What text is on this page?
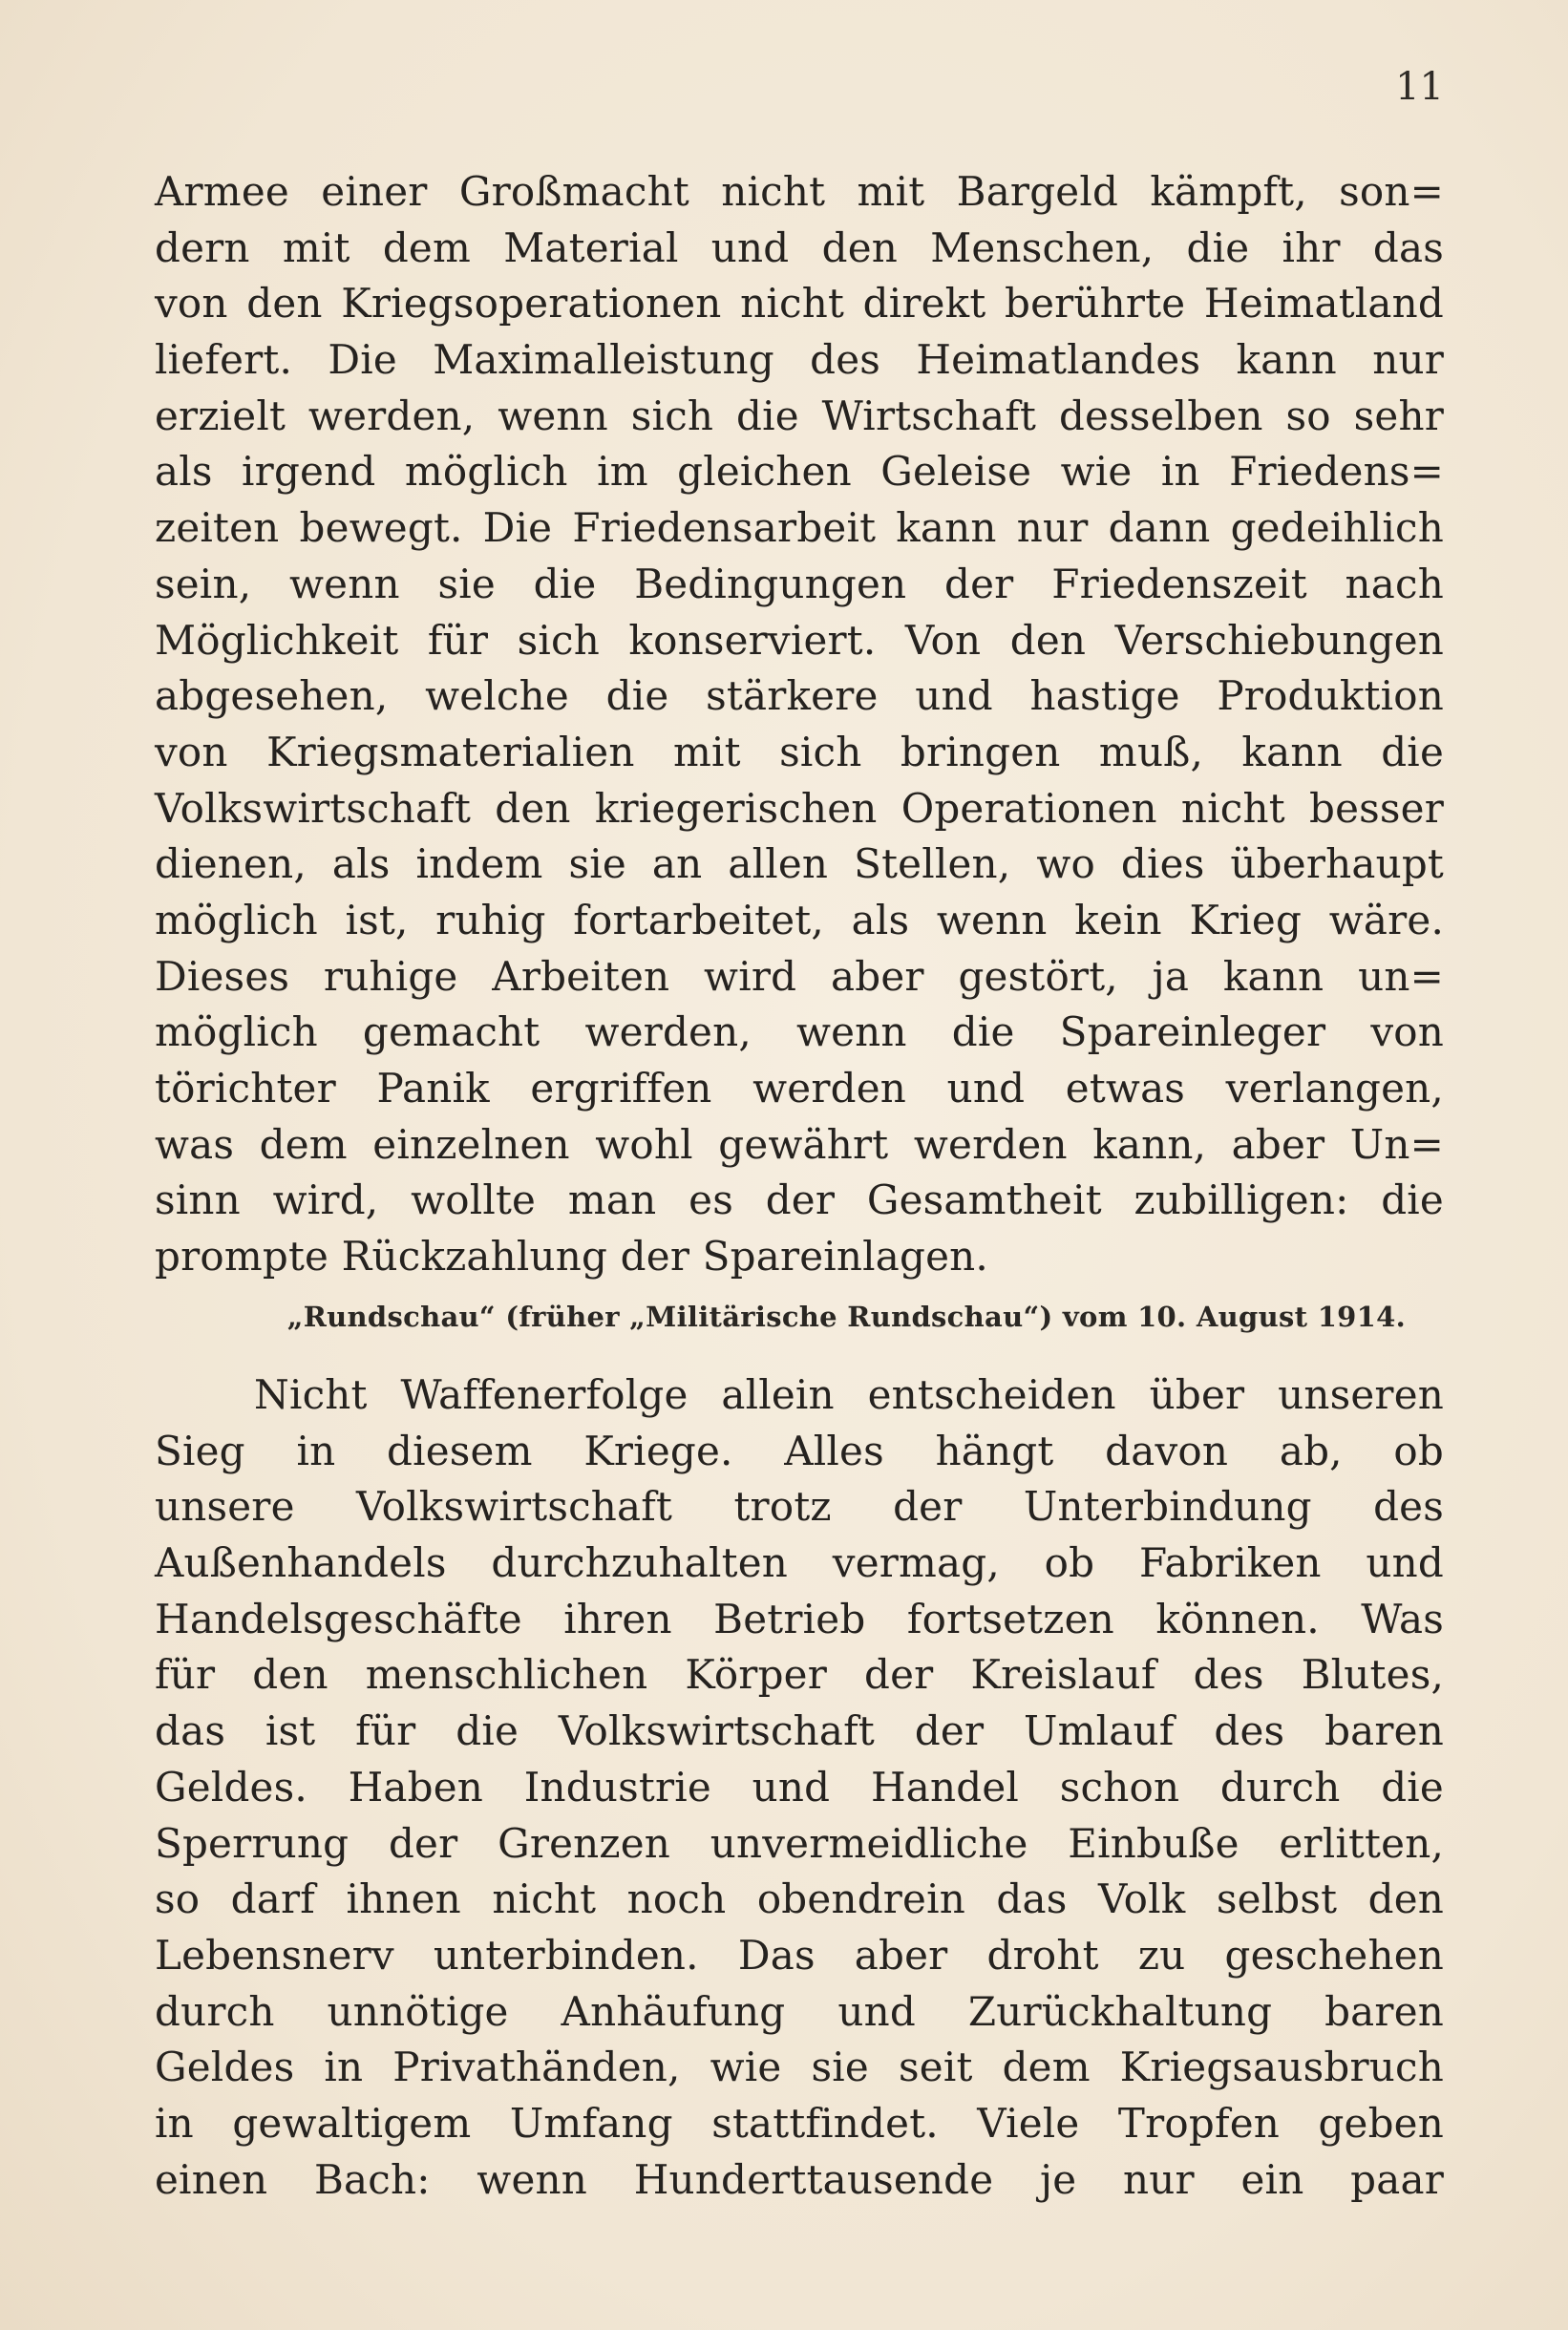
11
Armee einer Großmacht nicht mit Bargeld kämpft, son=
dern mit dem Material und den Menschen, die ihr das
von den Kriegsoperationen nicht direkt berührte Heimatland
liefert. Die Maximalleistung des Heimatlandes kann nur
erzielt werden, wenn sich die Wirtschaft desselben so sehr
als irgend möglich im gleichen Geleise wie in Friedens=
zeiten bewegt. Die Friedensarbeit kann nur dann gedeihlich
sein, wenn sie die Bedingungen der Friedenszeit nach
Möglichkeit für sich konserviert. Von den Verschiebungen
abgesehen, welche die stärkere und hastige Produktion
von Kriegsmaterialien mit sich bringen muß, kann die
Volkswirtschaft den kriegerischen Operationen nicht besser
dienen, als indem sie an allen Stellen, wo dies überhaupt
möglich ist, ruhig fortarbeitet, als wenn kein Krieg wäre.
Dieses ruhige Arbeiten wird aber gestört, ja kann un=
möglich gemacht werden, wenn die Spareinleger von
törichter Panik ergriffen werden und etwas verlangen,
was dem einzelnen wohl gewährt werden kann, aber Un=
sinn wird, wollte man es der Gesamtheit zubilligen: die
prompte Rückzahlung der Spareinlagen.
„Rundschau“ (früher „Militärische Rundschau“) vom 10. August 1914.
Nicht Waffenerfolge allein entscheiden über unseren
Sieg in diesem Kriege. Alles hängt davon ab, ob
unsere Volkswirtschaft trotz der Unterbindung des
Außenhandels durchzuhalten vermag, ob Fabriken und
Handelsgeschäfte ihren Betrieb fortsetzen können. Was
für den menschlichen Körper der Kreislauf des Blutes,
das ist für die Volkswirtschaft der Umlauf des baren
Geldes. Haben Industrie und Handel schon durch die
Sperrung der Grenzen unvermeidliche Einbuße erlitten,
so darf ihnen nicht noch obendrein das Volk selbst den
Lebensnerv unterbinden. Das aber droht zu geschehen
durch unnötige Anhäufung und Zurückhaltung baren
Geldes in Privathänden, wie sie seit dem Kriegsausbruch
in gewaltigem Umfang stattfindet. Viele Tropfen geben
einen Bach: wenn Hunderttausende je nur ein paar
